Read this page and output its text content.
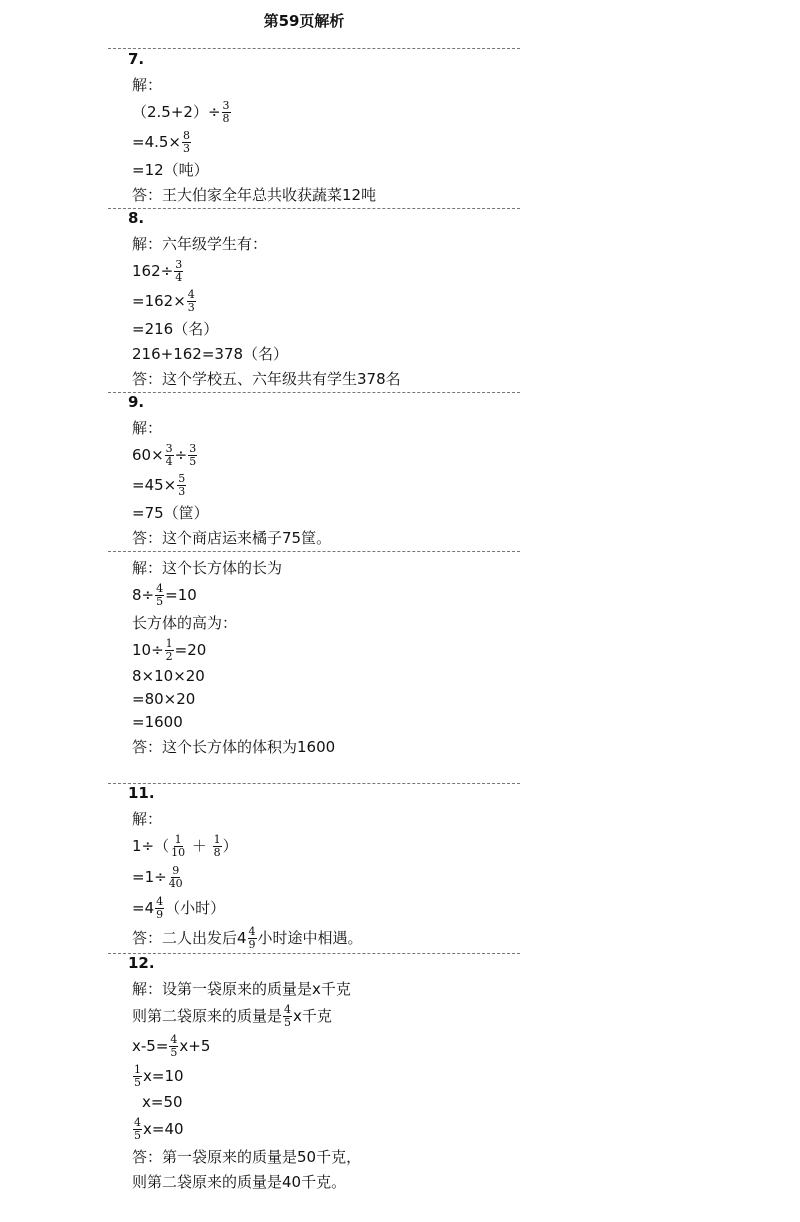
第59页解析
7.
解：
$(2.5+2)\div \frac{3}{8}$
$=4.5\times \frac{8}{3}$
=12（吨）
答：王大伯家全年总共收获蔬菜12吨
8.
解：六年级学生有：
$162\div \frac{3}{4}$
$=162\times \frac{4}{3}$
=216（名）
216+162=378（名）
答：这个学校五、六年级共有学生378名
9.
解：
$60\times \frac{3}{4} \div \frac{3}{5}$
$=45\times \frac{5}{3}$
=75（筐）
答：这个商店运来橘子75筐。
解：这个长方体的长为
$8\div \frac{4}{5} =10$
长方体的高为：
$10\div \frac{1}{2} =20$
8×10×20
=80×20
=1600
答：这个长方体的体积为1600
11.
解：
$1\div( \frac{1}{10} + \frac{1}{8}$ ）
$=1\div \frac{9}{40}$
$=4 \frac{4}{9}$ （小时）
答：二人出发后$4 \frac{4}{9}$ 小时途中相遇。
12.
解：设第一袋原来的质量是x千克
则第二袋原来的质量是 $\frac{4}{5}$ x千克
$x-5= \frac{4}{5} x+5$
$\frac{1}{5} x=10$
x=50
$\frac{4}{5} x=40$
答：第一袋原来的质量是50千克，
则第二袋原来的质量是40千克。
